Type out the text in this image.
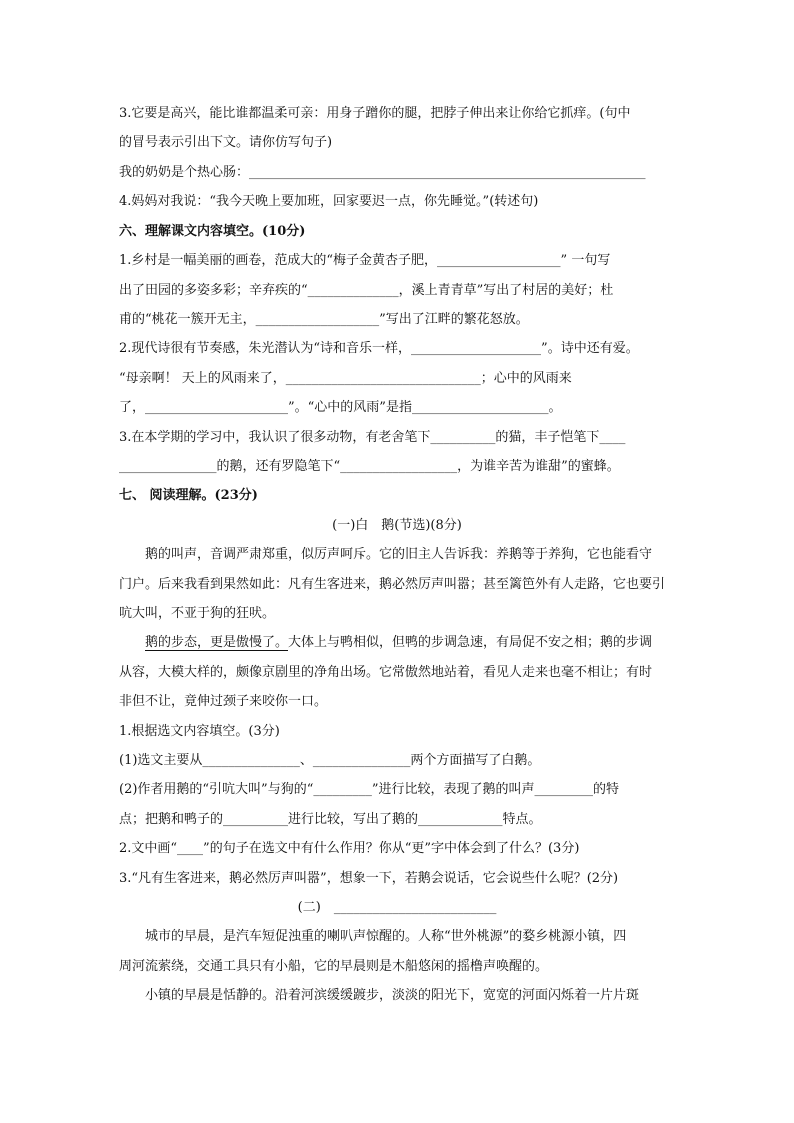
3.它要是高兴，能比谁都温柔可亲：用身子蹭你的腿，把脖子伸出来让你给它抓痒。(句中
的冒号表示引出下文。请你仿写句子)
我的奶奶是个热心肠：_____________________________________________________________
4.妈妈对我说：“我今天晚上要加班，回家要迟一点，你先睡觉。”(转述句)
六、理解课文内容填空。(10分)
1.乡村是一幅美丽的画卷，范成大的“梅子金黄杏子肥，___________________” 一句写
出了田园的多姿多彩；辛弃疾的“______________，溪上青青草”写出了村居的美好；杜
甫的“桃花一簇开无主，___________________”写出了江畔的繁花怒放。
2.现代诗很有节奏感，朱光潜认为“诗和音乐一样，____________________”。诗中还有爱。
“母亲啊！ 天上的风雨来了，______________________________；心中的风雨来
了，______________________”。“心中的风雨”是指_____________________。
3.在本学期的学习中，我认识了很多动物，有老舍笔下__________的猫，丰子恺笔下____
_______________的鹅，还有罗隐笔下“__________________，为谁辛苦为谁甜”的蜜蜂。
七、 阅读理解。(23分)
(一)白　鹅(节选)(8分)
鹅的叫声，音调严肃郑重，似厉声呵斥。它的旧主人告诉我：养鹅等于养狗，它也能看守
门户。后来我看到果然如此：凡有生客进来，鹅必然厉声叫嚣；甚至篱笆外有人走路，它也要引
吭大叫，不亚于狗的狂吠。
鹅的步态，更是傲慢了。大体上与鸭相似，但鸭的步调急速，有局促不安之相；鹅的步调
从容，大模大样的，颇像京剧里的净角出场。它常傲然地站着，看见人走来也毫不相让；有时
非但不让，竟伸过颈子来咬你一口。
1.根据选文内容填空。(3分)
(1)选文主要从_______________、_______________两个方面描写了白鹅。
(2)作者用鹅的“引吭大叫”与狗的“_________”进行比较，表现了鹅的叫声_________的特
点；把鹅和鸭子的__________进行比较，写出了鹅的_____________特点。
2.文中画“____”的句子在选文中有什么作用？你从“更”字中体会到了什么？(3分)
3.“凡有生客进来，鹅必然厉声叫嚣”，想象一下，若鹅会说话，它会说些什么呢？(2分)
(二)　_________________________
城市的早晨，是汽车短促浊重的喇叭声惊醒的。人称“世外桃源”的婺乡桃源小镇，四
周河流萦绕，交通工具只有小船，它的早晨则是木船悠闲的摇橹声唤醒的。
小镇的早晨是恬静的。沿着河滨缓缓踱步，淡淡的阳光下，宽宽的河面闪烁着一片片斑
